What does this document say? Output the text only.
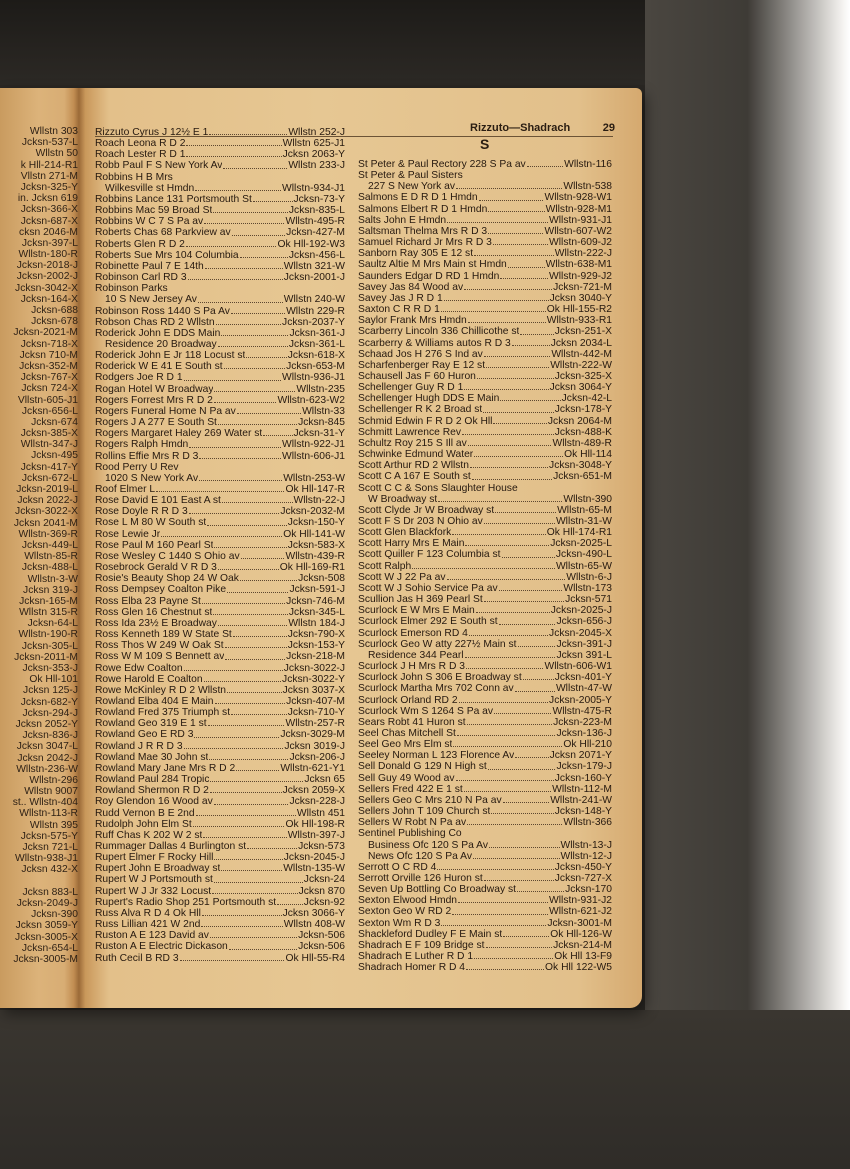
Wllstn 303
Jcksn-537-L
Wllstn 50
k Hll-214-R1
Vllstn 271-M
Jcksn-325-Y
in. Jcksn 619
Jcksn-366-X
Jcksn-687-X
cksn 2046-M
Jcksn-397-L
Wllstn-180-R
Jcksn-2018-J
Jcksn-2002-J
Jcksn-3042-X
Jcksn-164-X
Jcksn-688
Jcksn-678
Jcksn-2021-M
Jcksn-718-X
Jcksn 710-M
Jcksn-352-M
Jcksn-767-X
Jcksn 724-X
Vllstn-605-J1
Jcksn-656-L
Jcksn-674
Jcksn-385-X
Wllstn-347-J
Jcksn-495
Jcksn-417-Y
Jcksn-672-L
Jcksn-2019-L
Jcksn 2022-J
Jcksn-3022-X
Jcksn 2041-M
Wllstn-369-R
Jcksn-449-L
Wllstn-85-R
Jcksn-488-L
Wllstn-3-W
Jcksn 319-J
Jcksn-165-M
Wllstn 315-R
Jcksn-64-L
Wllstn-190-R
Jcksn-305-L
Jcksn-2011-M
Jcksn-353-J
Ok Hll-101
Jcksn 125-J
Jcksn-682-Y
Jcksn-294-J
Jcksn 2052-Y
Jcksn-836-J
Jcksn 3047-L
Jcksn 2042-J
Wllstn-236-W
Wllstn-296
Wllstn 9007
st.. Wllstn-404
Wllstn-113-R
Wllstn 395
Jcksn-575-Y
Jcksn 721-L
Wllstn-938-J1
Jcksn 432-X
Jcksn 883-L
Jcksn-2049-J
Jcksn-390
Jcksn 3059-Y
Jcksn-3005-X
Jcksn-654-L
Jcksn-3005-M
Rizzuto—Shadrach	29
S
Rizzuto Cyrus J 12½ E 1	Wllstn 252-J
Roach Leona R D 2	Wllstn 625-J1
Roach Lester R D 1	Jcksn 2063-Y
Robb Paul F S New York Av	Wllstn 233-J
Robbins H B Mrs
Wilkesville st Hmdn	Wllstn-934-J1
Robbins Lance 131 Portsmouth St	Jcksn-73-Y
Robbins Mac 59 Broad St	Jcksn-835-L
Robbins W C 7 S Pa av	Wllstn-495-R
Roberts Chas 68 Parkview av	Jcksn-427-M
Roberts Glen R D 2	Ok Hll-192-W3
Roberts Sue Mrs 104 Columbia	Jcksn-456-L
Robinette Paul 7 E 14th	Wllstn 321-W
Robinson Carl RD 3	Jcksn-2001-J
Robinson Parks
10 S New Jersey Av	Wllstn 240-W
Robinson Ross 1440 S Pa Av	Wllstn 229-R
Robson Chas RD 2 Wllstn	Jcksn-2037-Y
Roderick John E DDS Main	Jcksn-361-J
Residence 20 Broadway	Jcksn-361-L
Roderick John E Jr 118 Locust st	Jcksn-618-X
Roderick W E 41 E South st	Jcksn-653-M
Rodgers Joe R D 1	Wllstn-936-J1
Rogan Hotel W Broadway	Wllstn-235
Rogers Forrest Mrs R D 2	Wllstn-623-W2
Rogers Funeral Home N Pa av	Wllstn-33
Rogers J A 277 E South St	Jcksn-845
Rogers Margaret Haley 269 Water st	Jcksn-31-Y
Rogers Ralph Hmdn	Wllstn-922-J1
Rollins Effie Mrs R D 3	Wllstn-606-J1
Rood Perry U Rev
1020 S New York Av	Wllstn-253-W
Roof Elmer L	Ok Hll-147-R
Rose David E 101 East A st	Wllstn-22-J
Rose Doyle R R D 3	Jcksn-2032-M
Rose L M 80 W South st	Jcksn-150-Y
Rose Lewie Jr	Ok Hll-141-W
Rose Paul M 160 Pearl St	Jcksn-583-X
Rose Wesley C 1440 S Ohio av	Wllstn-439-R
Rosebrock Gerald V R D 3	Ok Hll-169-R1
Rosie's Beauty Shop 24 W Oak	Jcksn-508
Ross Dempsey Coalton Pike	Jcksn-591-J
Ross Elba 23 Payne St	Jcksn-746-M
Ross Glen 16 Chestnut st	Jcksn-345-L
Ross Ida 23½ E Broadway	Wllstn 184-J
Ross Kenneth 189 W State St	Jcksn-790-X
Ross Thos W 249 W Oak St	Jcksn-153-Y
Ross W M 109 S Bennett av	Jcksn-218-M
Rowe Edw Coalton	Jcksn-3022-J
Rowe Harold E Coalton	Jcksn-3022-Y
Rowe McKinley R D 2 Wllstn	Jcksn 3037-X
Rowland Elba 404 E Main	Jcksn-407-M
Rowland Fred 375 Triumph st	Jcksn-710-Y
Rowland Geo 319 E 1 st	Wllstn-257-R
Rowland Geo E RD 3	Jcksn-3029-M
Rowland J R R D 3	Jcksn 3019-J
Rowland Mae 30 John st	Jcksn-206-J
Rowland Mary Jane Mrs R D 2	Wllstn-621-Y1
Rowland Paul 284 Tropic	Jcksn 65
Rowland Shermon R D 2	Jcksn 2059-X
Roy Glendon 16 Wood av	Jcksn-228-J
Rudd Vernon B E 2nd	Wllstn 451
Rudolph John Elm St	Ok Hll-198-R
Ruff Chas K 202 W 2 st	Wllstn-397-J
Rummager Dallas 4 Burlington st	Jcksn-573
Rupert Elmer F Rocky Hill	Jcksn-2045-J
Rupert John E Broadway st	Wllstn-135-W
Rupert W J Portsmouth st	Jcksn-24
Rupert W J Jr 332 Locust	Jcksn 870
Rupert's Radio Shop 251 Portsmouth st	Jcksn-92
Russ Alva R D 4 Ok Hll	Jcksn 3066-Y
Russ Lillian 421 W 2nd	Wllstn 408-W
Ruston A E 123 David av	Jcksn-506
Ruston A E Electric Dickason	Jcksn-506
Ruth Cecil B RD 3	Ok Hll-55-R4
St Peter & Paul Rectory 228 S Pa av	Wllstn-116
St Peter & Paul Sisters
227 S New York av	Wllstn-538
Salmons E D R D 1 Hmdn	Wllstn-928-W1
Salmons Elbert R D 1 Hmdn	Wllstn-928-M1
Salts John E Hmdn	Wllstn-931-J1
Saltsman Thelma Mrs R D 3	Wllstn-607-W2
Samuel Richard Jr Mrs R D 3	Wllstn-609-J2
Sanborn Ray 305 E 12 st	Wllstn-222-J
Saultz Altie M Mrs Main st Hmdn	Wllstn-638-M1
Saunders Edgar D RD 1 Hmdn	Wllstn-929-J2
Savey Jas 84 Wood av	Jcksn-721-M
Savey Jas J R D 1	Jcksn 3040-Y
Saxton C R R D 1	Ok Hll-155-R2
Saylor Frank Mrs Hmdn	Wllstn-933-R1
Scarberry Lincoln 336 Chillicothe st	Jcksn-251-X
Scarberry & Williams autos R D 3	Jcksn 2034-L
Schaad Jos H 276 S Ind av	Wllstn-442-M
Scharfenberger Ray E 12 st	Wllstn-222-W
Schausell Jas F 60 Huron	Jcksn-325-X
Schellenger Guy R D 1	Jcksn 3064-Y
Schellenger Hugh DDS E Main	Jcksn-42-L
Schellenger R K 2 Broad st	Jcksn-178-Y
Schmid Edwin F R D 2 Ok Hll	Jcksn 2064-M
Schmitt Lawrence Rev	Jcksn-488-K
Schultz Roy 215 S Ill av	Wllstn-489-R
Schwinke Edmund Water	Ok Hll-114
Scott Arthur RD 2 Wllstn	Jcksn-3048-Y
Scott C A 167 E South st	Jcksn-651-M
Scott C C & Sons Slaughter House
W Broadway st	Wllstn-390
Scott Clyde Jr W Broadway st	Wllstn-65-M
Scott F S Dr 203 N Ohio av	Wllstn-31-W
Scott Glen Blackfork	Ok Hll-174-R1
Scott Harry Mrs E Main	Jcksn-2025-L
Scott Quiller F 123 Columbia st	Jcksn-490-L
Scott Ralph	Wllstn-65-W
Scott W J 22 Pa av	Wllstn-6-J
Scott W J Sohio Service Pa av	Wllstn-173
Scullion Jas H 369 Pearl St	Jcksn-571
Scurlock E W Mrs E Main	Jcksn-2025-J
Scurlock Elmer 292 E South st	Jcksn-656-J
Scurlock Emerson RD 4	Jcksn-2045-X
Scurlock Geo W atty 227½ Main st	Jcksn-391-J
Residence 344 Pearl	Jcksn 391-L
Scurlock J H Mrs R D 3	Wllstn-606-W1
Scurlock John S 306 E Broadway st	Jcksn-401-Y
Scurlock Martha Mrs 702 Conn av	Wllstn-47-W
Scurlock Orland RD 2	Jcksn-2005-Y
Scurlock Wm S 1264 S Pa av	Wllstn-475-R
Sears Robt 41 Huron st	Jcksn-223-M
Seel Chas Mitchell St	Jcksn-136-J
Seel Geo Mrs Elm st	Ok Hll-210
Seeley Norman L 123 Florence Av	Jcksn 2071-Y
Sell Donald G 129 N High st	Jcksn-179-J
Sell Guy 49 Wood av	Jcksn-160-Y
Sellers Fred 422 E 1 st	Wllstn-112-M
Sellers Geo C Mrs 210 N Pa av	Wllstn-241-W
Sellers John T 109 Church st	Jcksn-148-Y
Sellers W Robt N Pa av	Wllstn-366
Sentinel Publishing Co
Business Ofc 120 S Pa Av	Wllstn-13-J
News Ofc 120 S Pa Av	Wllstn-12-J
Serrott O C RD 4	Jcksn-450-Y
Serrott Orville 126 Huron st	Jcksn-727-X
Seven Up Bottling Co Broadway st	Jcksn-170
Sexton Elwood Hmdn	Wllstn-931-J2
Sexton Geo W RD 2	Wllstn-621-J2
Sexton Wm R D 3	Jcksn-3001-M
Shackleford Dudley F E Main st	Ok Hll-126-W
Shadrach E F 109 Bridge st	Jcksn-214-M
Shadrach E Luther R D 1	Ok Hll 13-F9
Shadrach Homer R D 4	Ok Hll 122-W5
